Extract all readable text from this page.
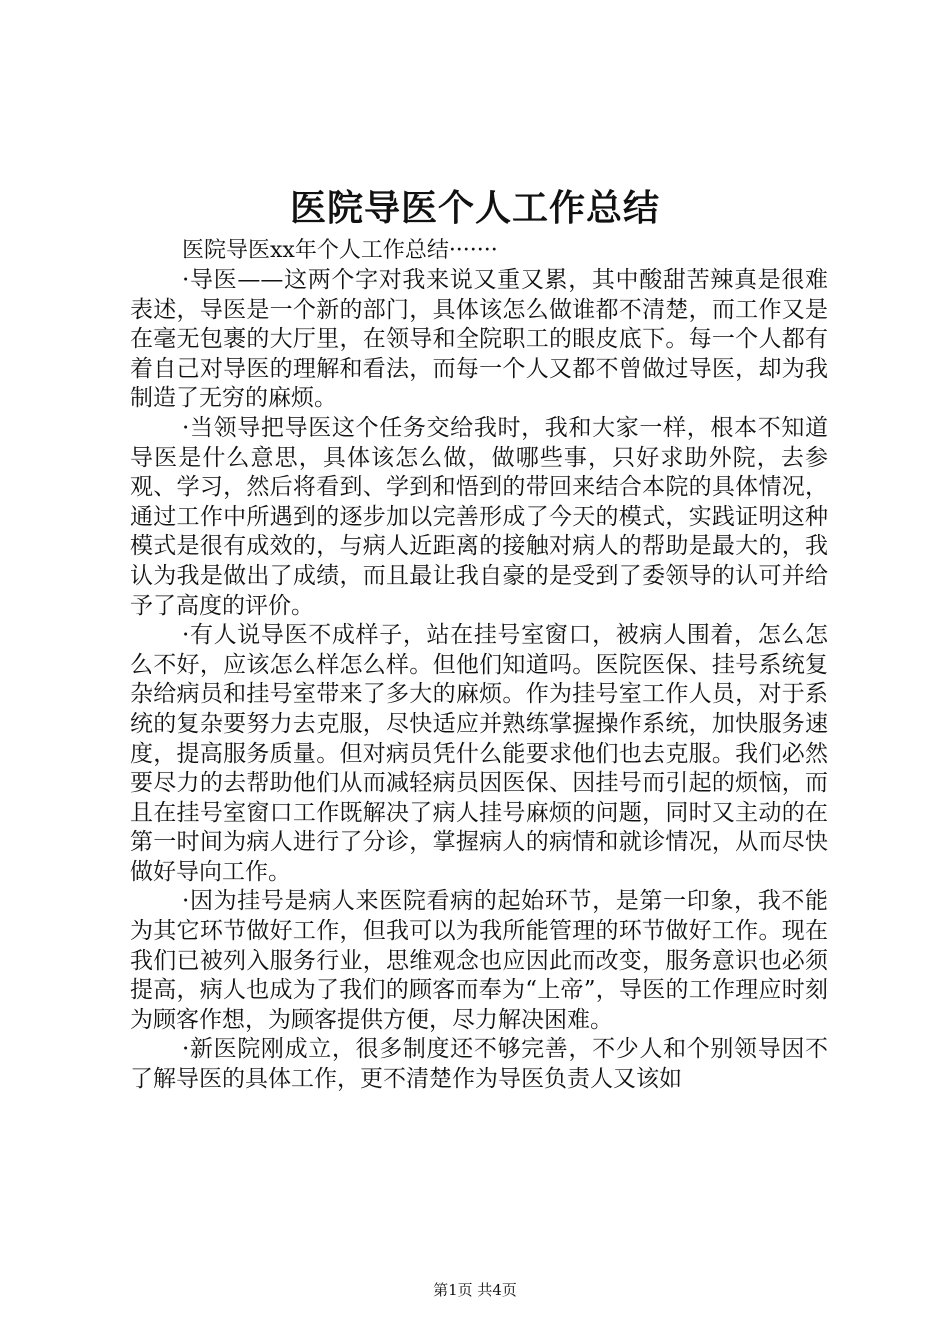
医院导医个人工作总结
医院导医xx年个人工作总结·······

·导医——这两个字对我来说又重又累，其中酸甜苦辣真是很难表述，导医是一个新的部门，具体该怎么做谁都不清楚，而工作又是在毫无包裹的大厅里，在领导和全院职工的眼皮底下。每一个人都有着自己对导医的理解和看法，而每一个人又都不曾做过导医，却为我制造了无穷的麻烦。

·当领导把导医这个任务交给我时，我和大家一样，根本不知道导医是什么意思，具体该怎么做，做哪些事，只好求助外院，去参观、学习，然后将看到、学到和悟到的带回来结合本院的具体情况，通过工作中所遇到的逐步加以完善形成了今天的模式，实践证明这种模式是很有成效的，与病人近距离的接触对病人的帮助是最大的，我认为我是做出了成绩，而且最让我自豪的是受到了委领导的认可并给予了高度的评价。

·有人说导医不成样子，站在挂号室窗口，被病人围着，怎么怎么不好，应该怎么样怎么样。但他们知道吗。医院医保、挂号系统复杂给病员和挂号室带来了多大的麻烦。作为挂号室工作人员，对于系统的复杂要努力去克服，尽快适应并熟练掌握操作系统，加快服务速度，提高服务质量。但对病员凭什么能要求他们也去克服。我们必然要尽力的去帮助他们从而减轻病员因医保、因挂号而引起的烦恼，而且在挂号室窗口工作既解决了病人挂号麻烦的问题，同时又主动的在第一时间为病人进行了分诊，掌握病人的病情和就诊情况，从而尽快做好导向工作。

·因为挂号是病人来医院看病的起始环节，是第一印象，我不能为其它环节做好工作，但我可以为我所能管理的环节做好工作。现在我们已被列入服务行业，思维观念也应因此而改变，服务意识也必须提高，病人也成为了我们的顾客而奉为“上帝”，导医的工作理应时刻为顾客作想，为顾客提供方便，尽力解决困难。

·新医院刚成立，很多制度还不够完善，不少人和个别领导因不了解导医的具体工作，更不清楚作为导医负责人又该如

第1页 共4页
